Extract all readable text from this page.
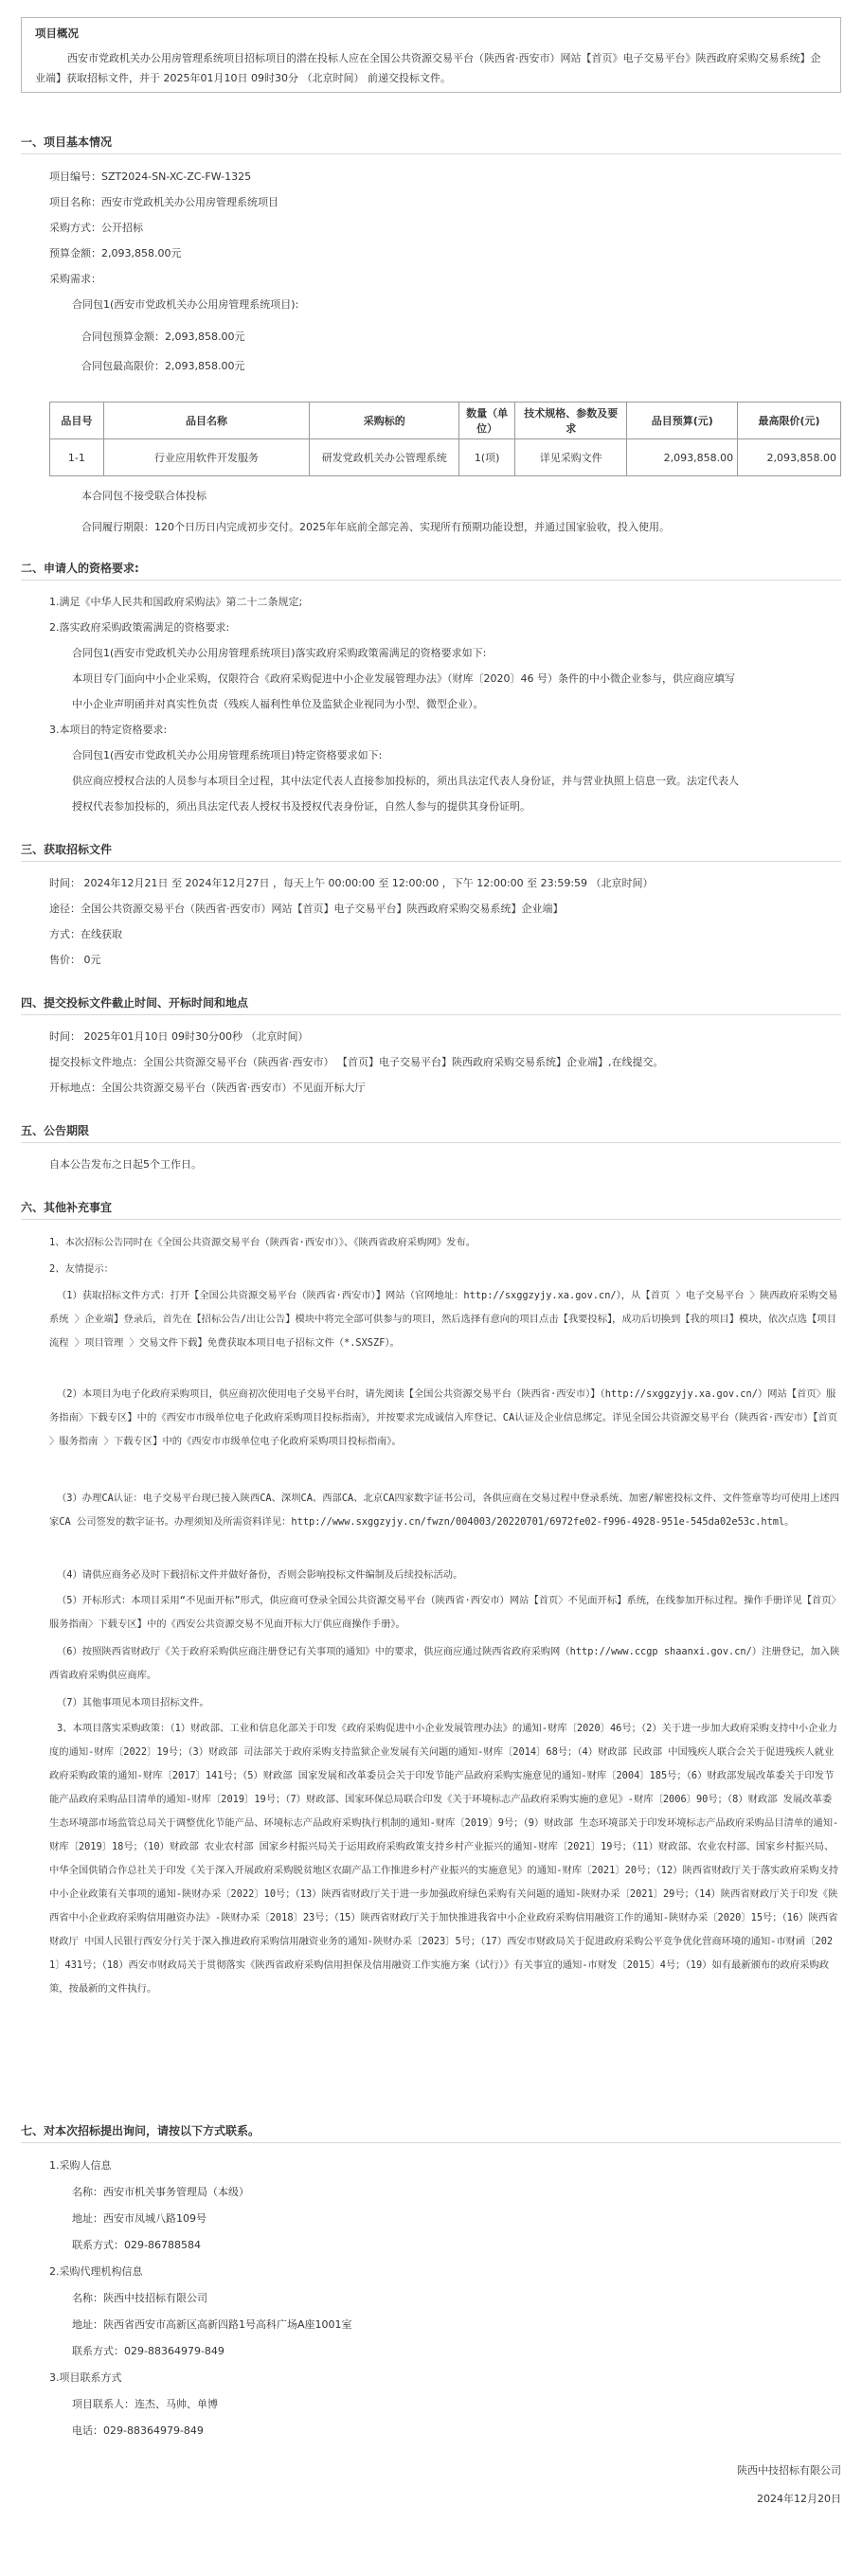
项目概况
西安市党政机关办公用房管理系统项目招标项目的潜在投标人应在全国公共资源交易平台（陕西省·西安市）网站【首页》电子交易平台》陕西政府采购交易系统】企业端】获取招标文件，并于 2025年01月10日 09时30分 （北京时间） 前递交投标文件。
一、项目基本情况
项目编号：SZT2024-SN-XC-ZC-FW-1325
项目名称：西安市党政机关办公用房管理系统项目
采购方式：公开招标
预算金额：2,093,858.00元
采购需求：
合同包1(西安市党政机关办公用房管理系统项目):
合同包预算金额：2,093,858.00元
合同包最高限价：2,093,858.00元
品目号	品目名称	采购标的	数量（单位）	技术规格、参数及要求	品目预算(元)	最高限价(元)
1-1	行业应用软件开发服务	研发党政机关办公管理系统	1(项)	详见采购文件	2,093,858.00	2,093,858.00
本合同包不接受联合体投标
合同履行期限：120个日历日内完成初步交付。2025年年底前全部完善、实现所有预期功能设想，并通过国家验收，投入使用。
二、申请人的资格要求:
1.满足《中华人民共和国政府采购法》第二十二条规定;
2.落实政府采购政策需满足的资格要求:
合同包1(西安市党政机关办公用房管理系统项目)落实政府采购政策需满足的资格要求如下:
本项目专门面向中小企业采购，仅限符合《政府采购促进中小企业发展管理办法》（财库〔2020〕46 号）条件的中小微企业参与，供应商应填写
中小企业声明函并对真实性负责（残疾人福利性单位及监狱企业视同为小型、微型企业）。
3.本项目的特定资格要求:
合同包1(西安市党政机关办公用房管理系统项目)特定资格要求如下:
供应商应授权合法的人员参与本项目全过程，其中法定代表人直接参加投标的，须出具法定代表人身份证，并与营业执照上信息一致。法定代表人
授权代表参加投标的，须出具法定代表人授权书及授权代表身份证，自然人参与的提供其身份证明。
三、获取招标文件
时间： 2024年12月21日 至 2024年12月27日 ，每天上午 00:00:00 至 12:00:00 ，下午 12:00:00 至 23:59:59 （北京时间）
途径：全国公共资源交易平台（陕西省·西安市）网站【首页】电子交易平台】陕西政府采购交易系统】企业端】
方式：在线获取
售价： 0元
四、提交投标文件截止时间、开标时间和地点
时间： 2025年01月10日 09时30分00秒 （北京时间）
提交投标文件地点：全国公共资源交易平台（陕西省·西安市） 【首页】电子交易平台】陕西政府采购交易系统】企业端】,在线提交。
开标地点：全国公共资源交易平台（陕西省·西安市）不见面开标大厅
五、公告期限
自本公告发布之日起5个工作日。
六、其他补充事宜
1、本次招标公告同时在《全国公共资源交易平台（陕西省·西安市）》、《陕西省政府采购网》发布。
2、友情提示：
（1）获取招标文件方式：打开【全国公共资源交易平台（陕西省·西安市）】网站（官网地址：http://sxggzyjy.xa.gov.cn/），从【首页 〉电子交易平台 〉陕西政府采购交易系统 〉企业端】登录后，首先在【招标公告/出让公告】模块中将完全部可供参与的项目，然后选择有意向的项目点击【我要投标】，成功后切换到【我的项目】模块，依次点选【项目流程 〉项目管理 〉交易文件下载】免费获取本项目电子招标文件（*.SXSZF）。
（2）本项目为电子化政府采购项目，供应商初次使用电子交易平台时，请先阅读【全国公共资源交易平台（陕西省·西安市）】（http://sxggzyjy.xa.gov.cn/）网站【首页〉服务指南〉下载专区】中的《西安市市级单位电子化政府采购项目投标指南》，并按要求完成诚信入库登记、CA认证及企业信息绑定。详见全国公共资源交易平台（陕西省·西安市）【首页 〉服务指南 〉下载专区】中的《西安市市级单位电子化政府采购项目投标指南》。
（3）办理CA认证：电子交易平台现已接入陕西CA、深圳CA、西部CA、北京CA四家数字证书公司，各供应商在交易过程中登录系统、加密/解密投标文件、文件签章等均可使用上述四家CA 公司签发的数字证书。办理须知及所需资料详见：http://www.sxggzyjy.cn/fwzn/004003/20220701/6972fe02-f996-4928-951e-545da02e53c.html。
（4）请供应商务必及时下载招标文件并做好备份，否则会影响投标文件编制及后续投标活动。
（5）开标形式：本项目采用“不见面开标”形式，供应商可登录全国公共资源交易平台（陕西省·西安市）网站【首页〉不见面开标】系统，在线参加开标过程。操作手册详见【首页〉服务指南〉下载专区】中的《西安公共资源交易不见面开标大厅供应商操作手册》。
（6）按照陕西省财政厅《关于政府采购供应商注册登记有关事项的通知》中的要求，供应商应通过陕西省政府采购网（http://www.ccgp shaanxi.gov.cn/）注册登记，加入陕西省政府采购供应商库。
（7）其他事项见本项目招标文件。
3、本项目落实采购政策：（1）财政部、工业和信息化部关于印发《政府采购促进中小企业发展管理办法》的通知-财库〔2020〕46号；（2）关于进一步加大政府采购支持中小企业力度的通知-财库〔2022〕19号；（3）财政部 司法部关于政府采购支持监狱企业发展有关问题的通知-财库〔2014〕68号；（4）财政部 民政部 中国残疾人联合会关于促进残疾人就业政府采购政策的通知-财库〔2017〕141号；（5）财政部 国家发展和改革委员会关于印发节能产品政府采购实施意见的通知-财库〔2004〕185号；（6）财政部发展改革委关于印发节能产品政府采购品目清单的通知-财库〔2019〕19号；（7）财政部、国家环保总局联合印发《关于环境标志产品政府采购实施的意见》-财库〔2006〕90号；（8）财政部 发展改革委 生态环境部市场监管总局关于调整优化节能产品、环境标志产品政府采购执行机制的通知-财库〔2019〕9号；（9）财政部 生态环境部关于印发环境标志产品政府采购品目清单的通知-财库〔2019〕18号；（10）财政部 农业农村部 国家乡村振兴局关于运用政府采购政策支持乡村产业振兴的通知-财库〔2021〕19号；（11）财政部、农业农村部、国家乡村振兴局、中华全国供销合作总社关于印发《关于深入开展政府采购脱贫地区农副产品工作推进乡村产业振兴的实施意见》的通知-财库〔2021〕20号；（12）陕西省财政厅关于落实政府采购支持中小企业政策有关事项的通知-陕财办采〔2022〕10号；（13）陕西省财政厅关于进一步加强政府绿色采购有关问题的通知-陕财办采〔2021〕29号；（14）陕西省财政厅关于印发《陕西省中小企业政府采购信用融资办法》-陕财办采〔2018〕23号；（15）陕西省财政厅关于加快推进我省中小企业政府采购信用融资工作的通知-陕财办采〔2020〕15号；（16）陕西省财政厅 中国人民银行西安分行关于深入推进政府采购信用融资业务的通知-陕财办采〔2023〕5号；（17）西安市财政局关于促进政府采购公平竞争优化营商环境的通知-市财函〔2021〕431号；（18）西安市财政局关于贯彻落实《陕西省政府采购信用担保及信用融资工作实施方案（试行）》有关事宜的通知-市财发〔2015〕4号；（19）如有最新颁布的政府采购政策，按最新的文件执行。
七、对本次招标提出询问，请按以下方式联系。
1.采购人信息
名称：西安市机关事务管理局（本级）
地址：西安市凤城八路109号
联系方式：029-86788584
2.采购代理机构信息
名称：陕西中技招标有限公司
地址：陕西省西安市高新区高新四路1号高科广场A座1001室
联系方式：029-88364979-849
3.项目联系方式
项目联系人：连杰、马帅、单博
电话：029-88364979-849
陕西中技招标有限公司
2024年12月20日
